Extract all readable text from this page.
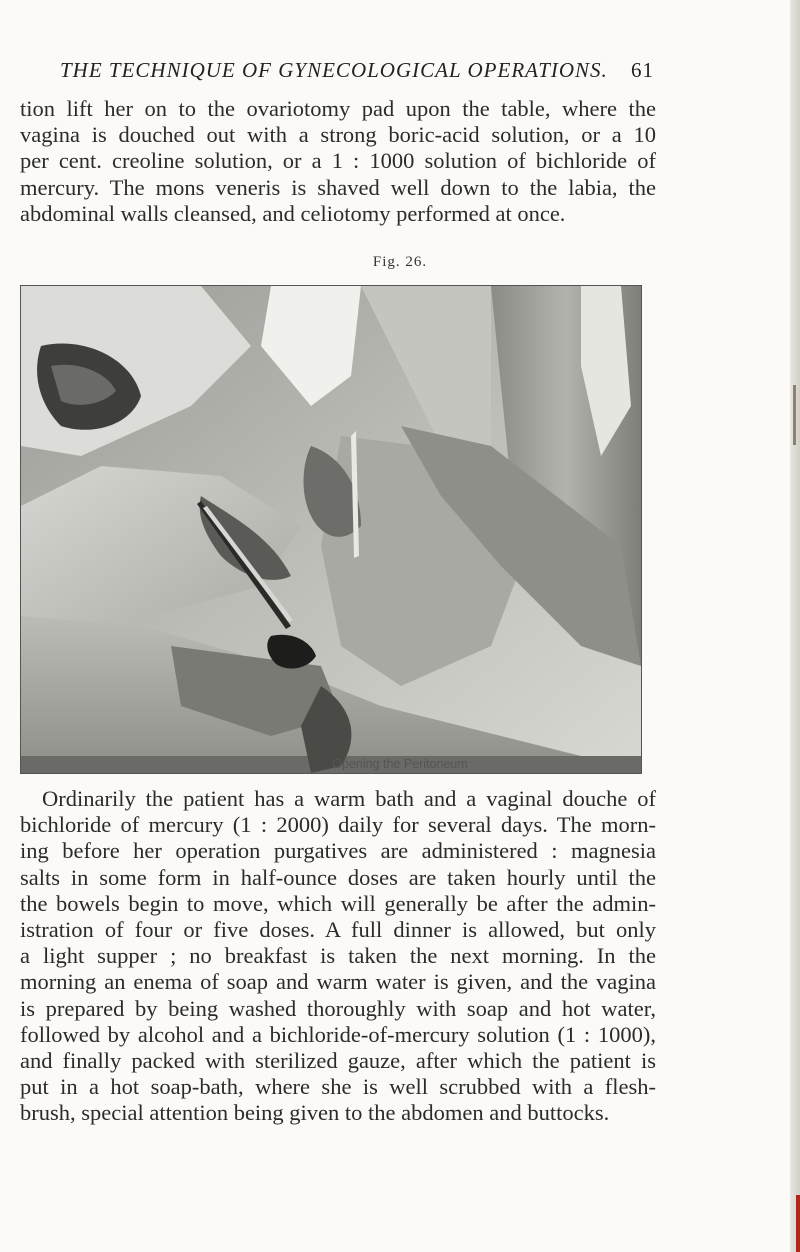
THE TECHNIQUE OF GYNECOLOGICAL OPERATIONS. 61
tion lift her on to the ovariotomy pad upon the table, where the
vagina is douched out with a strong boric-acid solution, or a 10
per cent. creoline solution, or a 1 : 1000 solution of bichloride of
mercury. The mons veneris is shaved well down to the labia, the
abdominal walls cleansed, and celiotomy performed at once.
Fig. 26.
Opening the Peritoneum
Ordinarily the patient has a warm bath and a vaginal douche of
bichloride of mercury (1 : 2000) daily for several days. The morn-
ing before her operation purgatives are administered : magnesia
salts in some form in half-ounce doses are taken hourly until the
the bowels begin to move, which will generally be after the admin-
istration of four or five doses. A full dinner is allowed, but only
a light supper ; no breakfast is taken the next morning. In the
morning an enema of soap and warm water is given, and the vagina
is prepared by being washed thoroughly with soap and hot water,
followed by alcohol and a bichloride-of-mercury solution (1 : 1000),
and finally packed with sterilized gauze, after which the patient is
put in a hot soap-bath, where she is well scrubbed with a flesh-
brush, special attention being given to the abdomen and buttocks.
